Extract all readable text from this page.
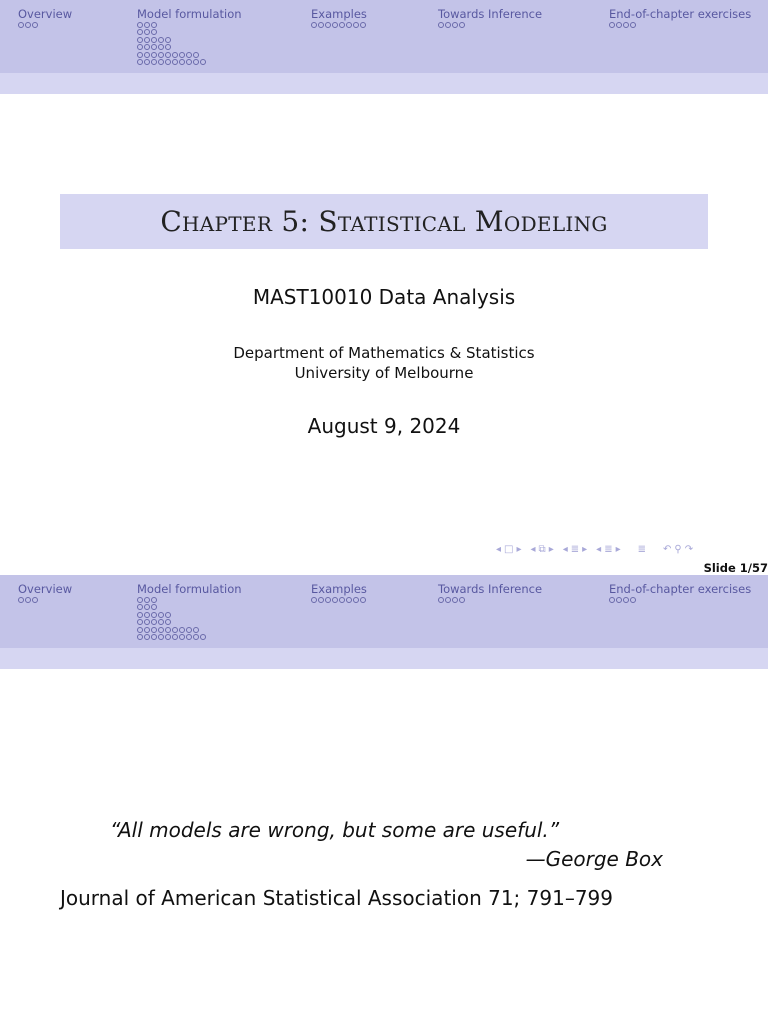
Overview	Model formulation	Examples	Towards Inference	End-of-chapter exercises
Chapter 5: Statistical Modeling
MAST10010 Data Analysis
Department of Mathematics & Statistics
University of Melbourne
August 9, 2024
◂ □ ▸ ◂ ⧉ ▸ ◂ ≣ ▸ ◂ ≣ ▸ ≣ ↶ ⚲ ↷
Slide 1/57
Overview	Model formulation	Examples	Towards Inference	End-of-chapter exercises
“All models are wrong, but some are useful.”
—George Box
Journal of American Statistical Association 71; 791–799
